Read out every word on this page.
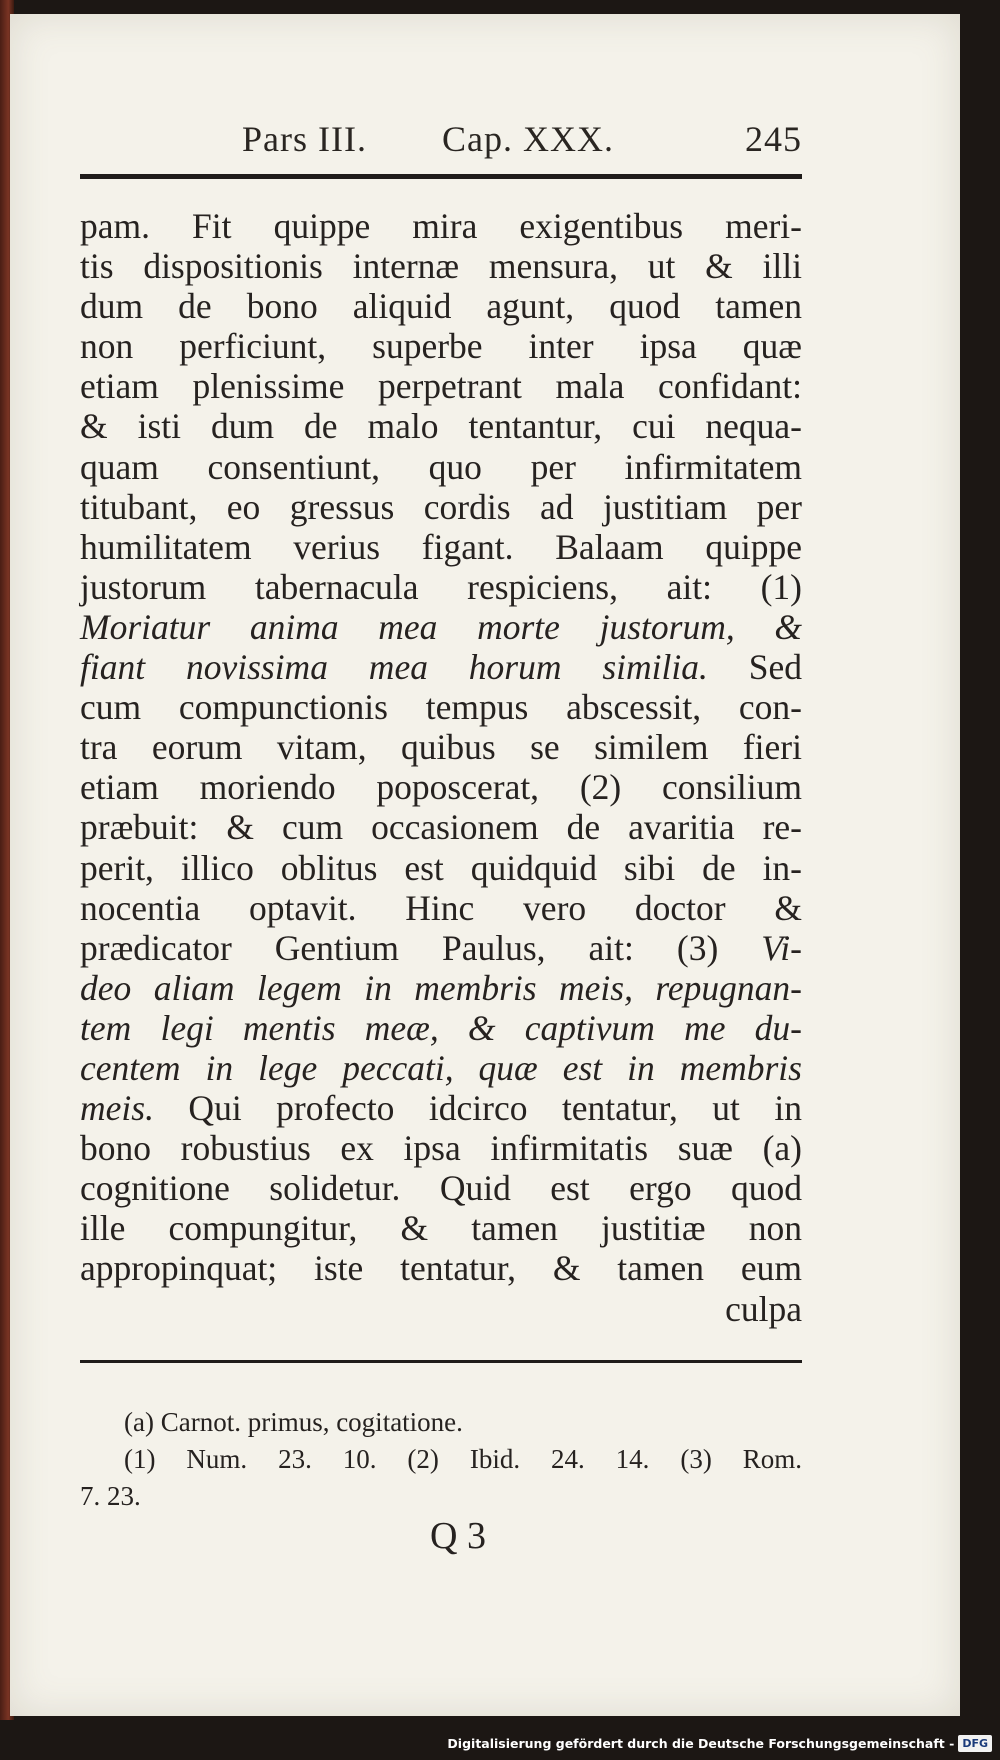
Pars III. Cap. XXX.	245
pam. Fit quippe mira exigentibus meri-
tis dispositionis internæ mensura, ut & illi
dum de bono aliquid agunt, quod tamen
non perficiunt, superbe inter ipsa quæ
etiam plenissime perpetrant mala confidant:
& isti dum de malo tentantur, cui nequa-
quam consentiunt, quo per infirmitatem
titubant, eo gressus cordis ad justitiam per
humilitatem verius figant. Balaam quippe
justorum tabernacula respiciens, ait: (1)
Moriatur anima mea morte justorum, &
fiant novissima mea horum similia. Sed
cum compunctionis tempus abscessit, con-
tra eorum vitam, quibus se similem fieri
etiam moriendo poposcerat, (2) consilium
præbuit: & cum occasionem de avaritia re-
perit, illico oblitus est quidquid sibi de in-
nocentia optavit. Hinc vero doctor &
prædicator Gentium Paulus, ait: (3) Vi-
deo aliam legem in membris meis, repugnan-
tem legi mentis meæ, & captivum me du-
centem in lege peccati, quæ est in membris
meis. Qui profecto idcirco tentatur, ut in
bono robustius ex ipsa infirmitatis suæ (a)
cognitione solidetur. Quid est ergo quod
ille compungitur, & tamen justitiæ non
appropinquat; iste tentatur, & tamen eum
culpa
(a) Carnot. primus, cogitatione.
(1) Num. 23. 10. (2) Ibid. 24. 14. (3) Rom.
7. 23.
Q 3
Digitalisierung gefördert durch die Deutsche Forschungsgemeinschaft - DFG
